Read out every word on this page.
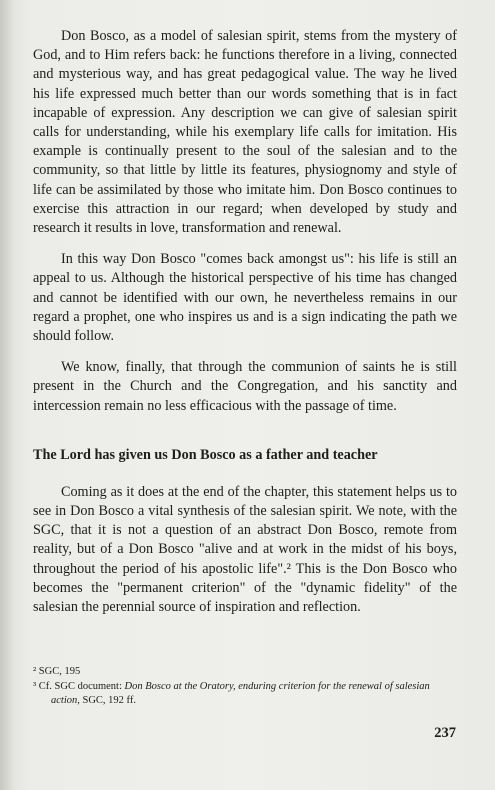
Don Bosco, as a model of salesian spirit, stems from the mystery of God, and to Him refers back: he functions therefore in a living, connected and mysterious way, and has great pedagogical value. The way he lived his life expressed much better than our words something that is in fact incapable of expression. Any description we can give of salesian spirit calls for understanding, while his exemplary life calls for imitation. His example is continually present to the soul of the salesian and to the community, so that little by little its features, physiognomy and style of life can be assimilated by those who imitate him. Don Bosco continues to exercise this attraction in our regard; when developed by study and research it results in love, transformation and renewal.

In this way Don Bosco "comes back amongst us": his life is still an appeal to us. Although the historical perspective of his time has changed and cannot be identified with our own, he nevertheless remains in our regard a prophet, one who inspires us and is a sign indicating the path we should follow.

We know, finally, that through the communion of saints he is still present in the Church and the Congregation, and his sanctity and intercession remain no less efficacious with the passage of time.

The Lord has given us Don Bosco as a father and teacher

Coming as it does at the end of the chapter, this statement helps us to see in Don Bosco a vital synthesis of the salesian spirit. We note, with the SGC, that it is not a question of an abstract Don Bosco, remote from reality, but of a Don Bosco "alive and at work in the midst of his boys, throughout the period of his apostolic life".² This is the Don Bosco who becomes the "permanent criterion" of the "dynamic fidelity" of the salesian the perennial source of inspiration and reflection.

² SGC, 195

³ Cf. SGC document: Don Bosco at the Oratory, enduring criterion for the renewal of salesian action, SGC, 192 ff.

237
